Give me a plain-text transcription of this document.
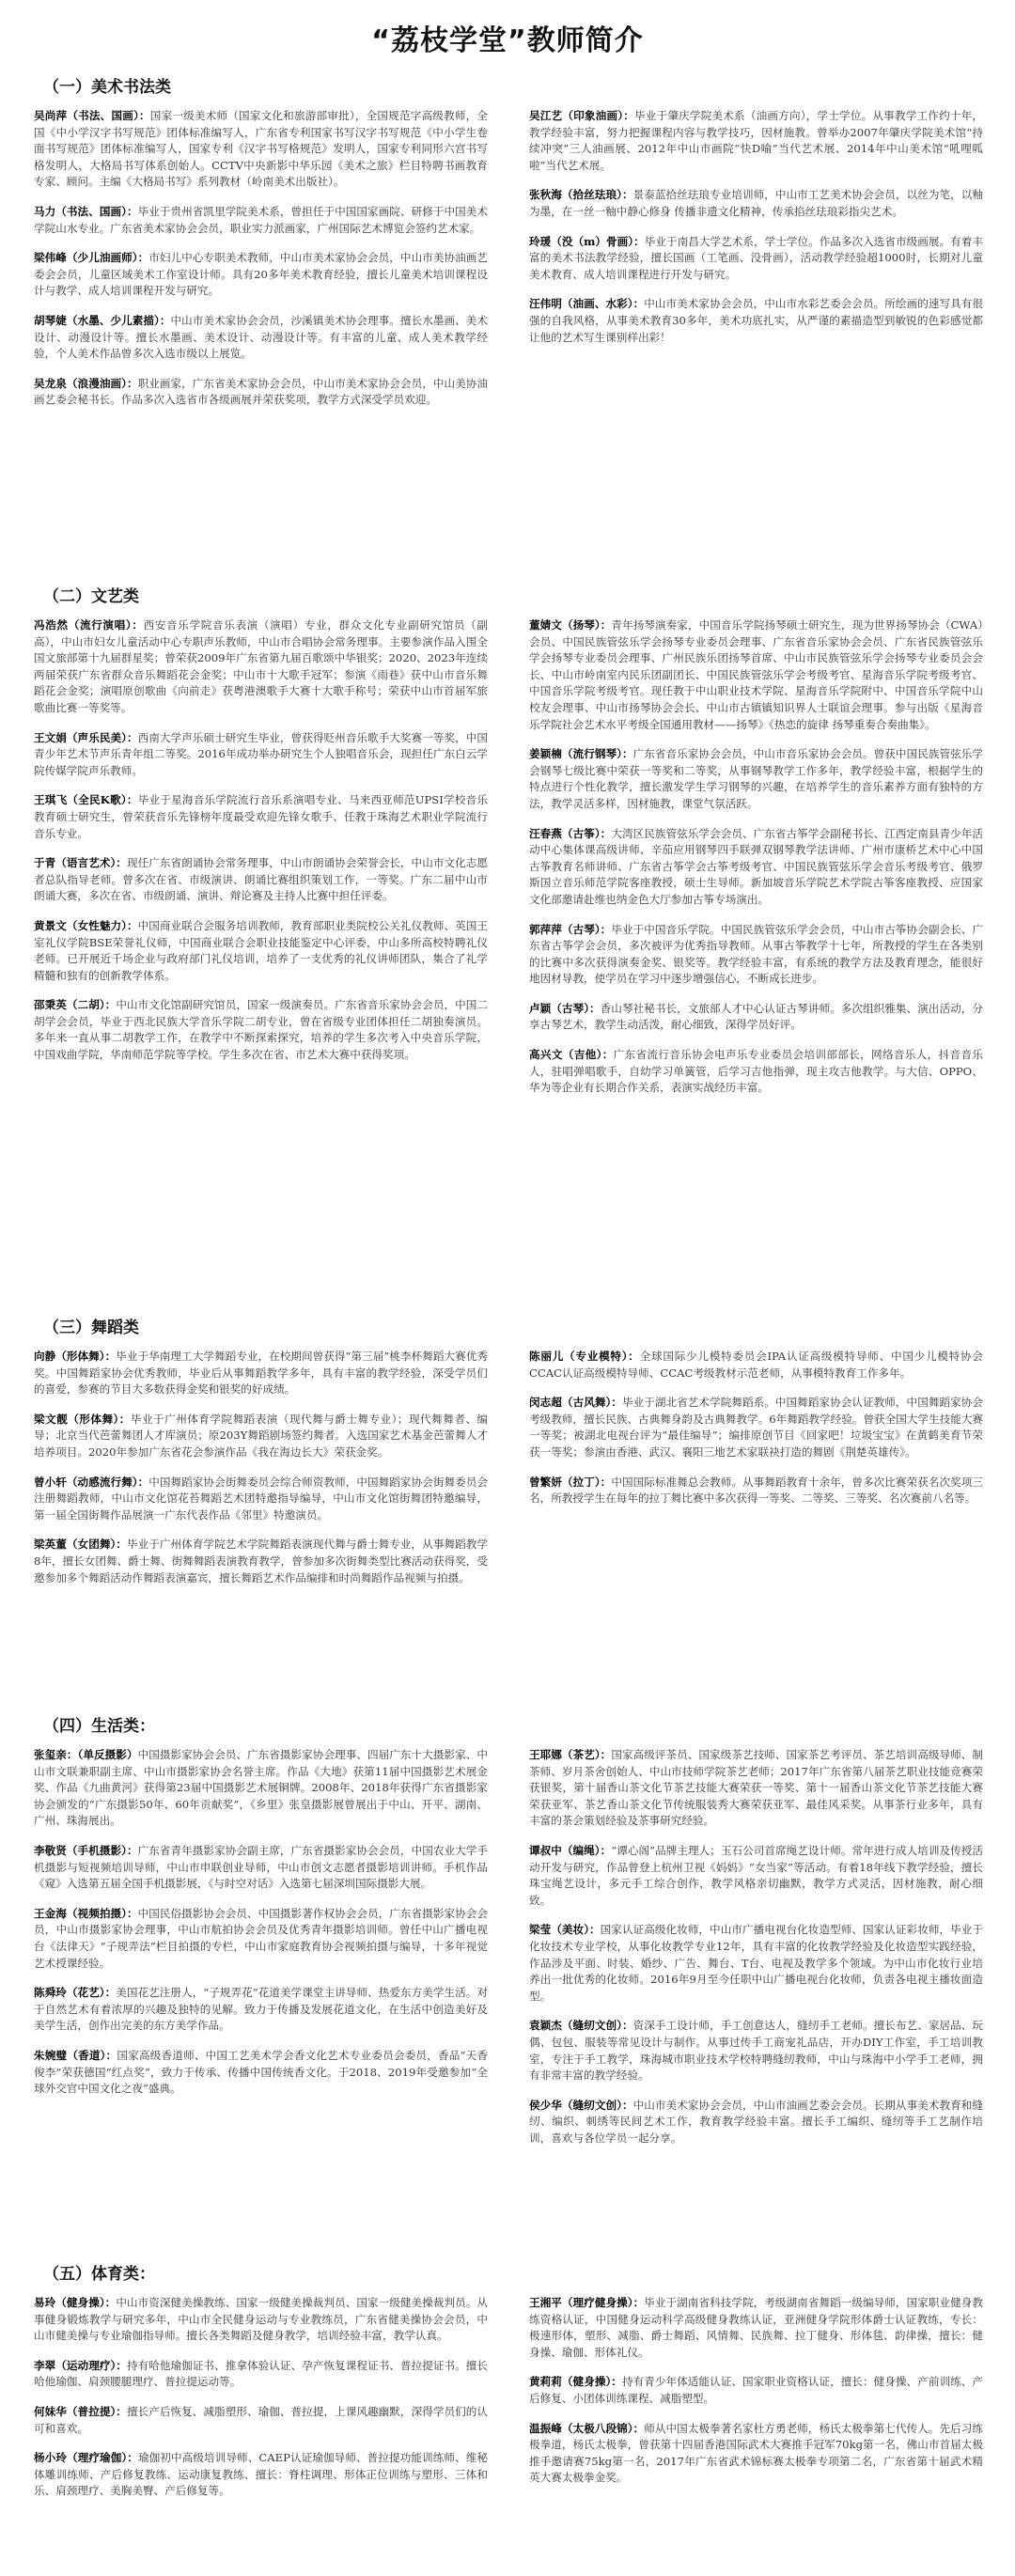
“荔枝学堂”教师简介
（一）美术书法类

吴尚萍（书法、国画）：国家一级美术师（国家文化和旅游部审批），全国规范字高级教师，全国《中小学汉字书写规范》团体标准编写人，广东省专利国家书写汉字书写规范《中小学生卷面书写规范》团体标准编写人，国家专利《汉字书写格规范》发明人，国家专利同形六宫书写格发明人，大格局书写体系创始人。CCTV中央新影中华乐园《美术之旅》栏目特聘书画教育专家、顾问。主编《大格局书写》系列教材（岭南美术出版社）。

马力（书法、国画）：毕业于贵州省凯里学院美术系，曾担任于中国国家画院、研修于中国美术学院山水专业。广东省美术家协会会员，职业实力派画家，广州国际艺术博览会签约艺术家。

梁伟峰（少儿油画师）：市妇儿中心专职美术教师，中山市美术家协会会员，中山市美协油画艺委会会员，儿童区域美术工作室设计师。具有20多年美术教育经验，擅长儿童美术培训课程设计与教学、成人培训课程开发与研究。

胡琴婕（水墨、少儿素描）：中山市美术家协会会员，沙溪镇美术协会理事。擅长水墨画、美术设计、动漫设计等。擅长水墨画、美术设计、动漫设计等。有丰富的儿童、成人美术教学经验，个人美术作品曾多次入选市级以上展览。

吴龙泉（浪漫油画）：职业画家，广东省美术家协会会员，中山市美术家协会会员，中山美协油画艺委会秘书长。作品多次入选省市各级画展并荣获奖项，教学方式深受学员欢迎。

吴江艺（印象油画）：毕业于肇庆学院美术系（油画方向），学士学位。从事教学工作约十年，教学经验丰富，努力把握课程内容与教学技巧，因材施教。曾举办2007年肇庆学院美术馆“持续冲突”三人油画展、2012年中山市画院“快D喻”当代艺术展、2014年中山美术馆“吼哩呱啦”当代艺术展。

张秋海（拾丝珐琅）：景泰蓝拾丝珐琅专业培训师，中山市工艺美术协会会员，以丝为笔，以釉为墨，在一丝一釉中静心修身 传播非遗文化精神，传承掐丝珐琅彩指尖艺术。

玲瑗（没（m）骨画）：毕业于南昌大学艺术系，学士学位。作品多次入选省市级画展。有着丰富的美术书法教学经验，擅长国画（工笔画、没骨画），活动教学经验超1000时，长期对儿童美术教育、成人培训课程进行开发与研究。

汪伟明（油画、水彩）：中山市美术家协会会员，中山市水彩艺委会会员。所绘画的速写具有很强的自我风格，从事美术教育30多年，美术功底扎实，从严谨的素描造型到敏锐的色彩感觉都让他的艺术写生课别样出彩！

（二）文艺类

冯浩然（流行演唱）：西安音乐学院音乐表演（演唱）专业，群众文化专业副研究馆员（副高），中山市妇女儿童活动中心专职声乐教师，中山市合唱协会常务理事。主要参演作品入围全国文旅部第十九届群星奖；曾荣获2009年广东省第九届百歌颂中华银奖；2020、2023年连续两届荣获广东省群众音乐舞蹈花会金奖；中山市十大歌手冠军；参演《雨巷》获中山市音乐舞蹈花会金奖；演唱原创歌曲《向前走》获粤港澳歌手大赛十大歌手称号；荣获中山市首届军旅歌曲比赛一等奖等。

王文娟（声乐民美）：西南大学声乐硕士研究生毕业，曾获得贬州音乐歌手大奖赛一等奖，中国青少年艺术节声乐青年组二等奖。2016年成功举办研究生个人独唱音乐会，现担任广东白云学院传媒学院声乐教师。

王琪飞（全民K歌）：毕业于星海音乐学院流行音乐系演唱专业、马来西亚师范UPSI学校音乐教育硕士研究生，曾荣获音乐先锋榜年度最受欢迎先锋女歌手、任教于珠海艺术职业学院流行音乐专业。

于青（语言艺术）：现任广东省朗诵协会常务理事，中山市朗诵协会荣誉会长，中山市文化志愿者总队指导老师。曾多次在省、市级演讲、朗诵比赛组织策划工作，一等奖。广东二届中山市朗诵大赛，多次在省、市级朗诵、演讲、辩论赛及主持人比赛中担任评委。

黄景文（女性魅力）：中国商业联合会服务培训教师，教育部职业类院校公关礼仪教师、英国王室礼仪学院BSE荣誉礼仪师，中国商业联合会职业技能鉴定中心评委，中山多所高校特聘礼仪老师。已开展近千场企业与政府部门礼仪培训，培养了一支优秀的礼仪讲师团队，集合了礼学精髓和独有的创新教学体系。

邵秉英（二胡）：中山市文化馆副研究馆员，国家一级演奏员。广东省音乐家协会会员，中国二胡学会会员，毕业于西北民族大学音乐学院二胡专业，曾在省级专业团体担任二胡独奏演员。多年来一直从事二胡教学工作，在教学中不断探索探究，培养的学生多次考入中央音乐学院，中国戏曲学院，华南师范学院等学校。学生多次在省、市艺术大赛中获得奖项。

董婧文（扬琴）：青年扬琴演奏家，中国音乐学院扬琴硕士研究生，现为世界扬琴协会（CWA）会员、中国民族管弦乐学会扬琴专业委员会理事、广东省音乐家协会会员、广东省民族管弦乐学会扬琴专业委员会理事、广州民族乐团扬琴首席、中山市民族管弦乐学会扬琴专业委员会会长、中山市岭南室内民乐团副团长、中国民族管弦乐学会考级考官、星海音乐学院考级考官、中国音乐学院考级考官。现任教于中山职业技术学院、星海音乐学院附中、中国音乐学院中山校友会理事、中山市扬琴协会会长、中山市古镇镇知识界人士联谊会理事。参与出版《星海音乐学院社会艺术水平考级全国通用教材——扬琴》《热恋的旋律 扬琴重奏合奏曲集》。

姜颖楠（流行钢琴）：广东省音乐家协会会员，中山市音乐家协会会员。曾获中国民族管弦乐学会钢琴七级比赛中荣获一等奖和二等奖，从事钢琴教学工作多年，教学经验丰富，根据学生的特点进行个性化教学，擅长激发学生学习钢琴的兴趣，在培养学生的音乐素养方面有独特的方法，教学灵活多样，因材施教，课堂气氛活跃。

汪春燕（古筝）：大湾区民族管弦乐学会会员、广东省古筝学会副秘书长、江西定南县青少年活动中心集体课高级讲师、辛茄应用钢琴四手联弹双钢琴教学法讲师、广州市康桥艺术中心中国古筝教育名师讲师、广东省古筝学会古筝考级考官、中国民族管弦乐学会音乐考级考官、俄罗斯国立音乐师范学院客座教授，硕士生导师。新加坡音乐学院艺术学院古筝客座教授、应国家文化部邀请赴维也纳金色大厅参加古筝专场演出。

郭萍萍（古琴）：毕业于中国音乐学院。中国民族管弦乐学会会员，中山市古筝协会副会长、广东省古筝学会会员，多次被评为优秀指导教师。从事古筝教学十七年，所教授的学生在各类别的比赛中多次获得演奏金奖、银奖等。教学经验丰富，有系统的教学方法及教育理念，能很好地因材导教，使学员在学习中逐步增强信心，不断成长进步。

卢颖（古琴）：香山琴社秘书长，文旅部人才中心认证古琴讲师。多次组织雅集、演出活动，分享古琴艺术，教学生动活泼，耐心细致，深得学员好评。

高兴文（吉他）：广东省流行音乐协会电声乐专业委员会培训部部长，网络音乐人，抖音音乐人，驻唱弹唱歌手，自幼学习单簧管，后学习吉他指弹，现主攻吉他教学。与大信、OPPO、华为等企业有长期合作关系，表演实战经历丰富。

（三）舞蹈类

向静（形体舞）：毕业于华南理工大学舞蹈专业，在校期间曾获得“第三届”桃李杯舞蹈大赛优秀奖。中国舞蹈家协会优秀教师，毕业后从事舞蹈教学多年，具有丰富的教学经验，深受学员们的喜爱，参赛的节目大多数获得金奖和银奖的好成绩。

梁文靓（形体舞）：毕业于广州体育学院舞蹈表演（现代舞与爵士舞专业）；现代舞舞者、编导；北京当代芭蕾舞团人才库演员；原203Y舞蹈剧场签约舞者。入选国家艺术基金芭蕾舞人才培养项目。2020年参加广东省花会参演作品《我在海边长大》荣获金奖。

曾小轩（动感流行舞）：中国舞蹈家协会街舞委员会综合师资教师，中国舞蹈家协会街舞委员会注册舞蹈教师，中山市文化馆花苔舞蹈艺术团特邀指导编导，中山市文化馆街舞团特邀编导，第一届全国街舞作品展演一广东代表作品《邻里》特邀演员。

梁英董（女团舞）：毕业于广州体育学院艺术学院舞蹈表演现代舞与爵士舞专业，从事舞蹈教学8年，擅长女团舞、爵士舞、街舞舞蹈表演教育教学，曾参加多次街舞类型比赛活动获得奖，受邀参加多个舞蹈活动作舞蹈表演嘉宾，擅长舞蹈艺术作品编排和时尚舞蹈作品视频与拍摄。

陈丽儿（专业模特）：全球国际少儿模特委员会IPA认证高级模特导师、中国少儿模特协会CCAC认证高级模特导师、CCAC考级教材示范老师，从事模特教育工作多年。

闵志超（古风舞）：毕业于湖北省艺术学院舞蹈系。中国舞蹈家协会认证教师，中国舞蹈家协会考级教师，擅长民族、古典舞身韵及古典舞教学。6年舞蹈教学经验。曾获全国大学生技能大赛一等奖；被湖北电视台评为“最佳编导”；编排原创节目《回家吧！垃圾宝宝》在黄鹤美育节荣获一等奖；参演由香港、武汉、襄阳三地艺术家联袂打造的舞剧《荆楚英雄传》。

曾繁妍（拉丁）：中国国际标准舞总会教师。从事舞蹈教育十余年，曾多次比赛荣获名次奖项三名，所教授学生在每年的拉丁舞比赛中多次获得一等奖、二等奖、三等奖、名次赛前八名等。

（四）生活类：

张玺亲：（单反摄影）中国摄影家协会会员、广东省摄影家协会理事、四届广东十大摄影家、中山市文联兼职副主席、中山市摄影家协会名誉主席。作品《大地》获第11届中国摄影艺术展金奖、作品《九曲黄河》获得第23届中国摄影艺术展铜牌。2008年、2018年获得广东省摄影家协会颁发的“广东摄影50年、60年贡献奖”，《乡里》张皇摄影展曾展出于中山、开平、湖南、广州、珠海展出。

李敬贤（手机摄影）：广东省青年摄影家协会副主席，广东省摄影家协会会员，中国农业大学手机摄影与短视频培训导师，中山市申联创业导师，中山市创文志愿者摄影培训讲师。手机作品《窥》入选第五届全国手机摄影展，《与时空对话》入选第七届深圳国际摄影大展。

王金海（视频拍摄）：中国民俗摄影协会会员、中国摄影著作权协会会员，广东省摄影家协会会员，中山市摄影家协会理事，中山市航拍协会会员及优秀青年摄影培训师。曾任中山广播电视台《法律天》“子规弄法”栏目拍摄的专栏，中山市家庭教育协会视频拍摄与编导，十多年视觉艺术授课经验。

陈舜玲（花艺）：美国花艺注册人，“子规弄花”花道美学课堂主讲导师、热爱东方美学生活。对于自然艺术有着浓厚的兴趣及独特的见解。致力于传播及发展花道文化，在生活中创造美好及美学生活，创作出完美的东方美学作品。

朱婉璧（香道）：国家高级香道师、中国工艺美术学会香文化艺术专业委员会委员，香品“天香俊李”荣获德国“红点奖”，致力于传承、传播中国传统香文化。于2018、2019年受邀参加“全球外交官中国文化之夜”盛典。

王耶娜（茶艺）：国家高级评茶员、国家级茶艺技师、国家茶艺考评员、茶艺培训高级导师、制茶师、岁月茶舍创始人、中山市技师学院茶艺老师；2017年广东省第八届茶艺职业技能竞赛荣获银奖，第十届香山茶文化节茶艺技能大赛荣获一等奖、第十一届香山茶文化节茶艺技能大赛荣获亚军、茶艺香山茶文化节传统服装秀大赛荣获亚军、最佳风采奖。从事茶行业多年，具有丰富的茶会策划经验及茶事研究经验。

谭叔中（编绳）：“谭心阁”品牌主理人；玉石公司首席绳艺设计师。常年进行成人培训及传授活动开发与研究，作品曾登上杭州卫视《妈妈》“女当家”等活动。有着18年线下教学经验，擅长珠宝绳艺设计，多元手工综合创作，教学风格亲切幽默，教学方式灵活，因材施教，耐心细致。

梁莹（美妆）：国家认证高级化妆师，中山市广播电视台化妆造型师、国家认证彩妆师，毕业于化妆技术专业学校，从事化妆教学专业12年，具有丰富的化妆教学经验及化妆造型实践经验，作品涉及平面、时装、婚纱、广告、舞台、T台、电视及教学多个领域。为中山市化妆行业培养出一批优秀的化妆师。2016年9月至今任职中山广播电视台化妆师，负责各电视主播妆面造型。

袁颖杰（缝纫文创）：资深手工设计师，手工创意达人，缝纫手工老师。擅长布艺、家居品、玩偶、包包、服装等常见设计与制作。从事过传手工商宠礼品店，开办DIY工作室，手工培训教室，专注于手工教学，珠海城市职业技术学校特聘缝纫教师，中山与珠海中小学手工老师，拥有非常丰富的教学经验。

侯少华（缝纫文创）：中山市美术家协会会员，中山市油画艺委会会员。长期从事美术教育和缝纫、编织、刺绣等民间艺术工作，教育教学经验丰富。擅长手工编织、缝纫等手工艺制作培训，喜欢与各位学员一起分享。

（五）体育类：

易玲（健身操）：中山市资深健美操教练、国家一级健美操裁判员、国家一级健美操裁判员。从事健身锻炼教学与研究多年，中山市全民健身运动与专业教练员，广东省健美操协会会员，中山市健美操与专业瑜伽指导师。擅长各类舞蹈及健身教学，培训经验丰富，教学认真。

李翠（运动理疗）：持有哈他瑜伽证书、推拿体验认证、孕产恢复课程证书、普拉提证书。擅长哈他瑜伽、肩颈腰腿理疗、普拉提运动等。

何妹华（普拉提）：擅长产后恢复、减脂塑形、瑜伽、普拉提，上课风趣幽默，深得学员们的认可和喜欢。

杨小玲（理疗瑜伽）：瑜伽初中高级培训导师、CAEP认证瑜伽导师、普拉提功能训练师、维秘体雕训练师、产后修复教练、运动康复教练、擅长：脊柱调理、形体正位训练与塑形、三体和乐、肩颈理疗、美胸美臀、产后修复等。

王湘平（理疗健身操）：毕业于湖南省科技学院，考级湖南省舞蹈一级编导师，国家职业健身教练资格认证，中国健身运动科学高级健身教练认证，亚洲健身学院形体爵士认证教练，专长：极速形体，塑形、减脂、爵士舞蹈、风情舞、民族舞、拉丁健身、形体毯、韵律操，擅长：健身操、瑜伽、形体礼仪。

黄莉莉（健身操）：持有青少年体适能认证、国家职业资格认证，擅长：健身操、产前训练、产后修复、小团体训练课程、减脂塑型。

温振峰（太极八段锦）：师从中国太极拳著名家杜方勇老师，杨氏太极拳第七代传人。先后习练极拳道，杨氏太极拳，曾获第十四届香港国际武术大赛推手冠军70kg第一名，佛山市首届太极推手邀请赛75kg第一名，2017年广东省武术锦标赛太极拳专项第二名，广东省第十届武术精英大赛太极拳金奖。
